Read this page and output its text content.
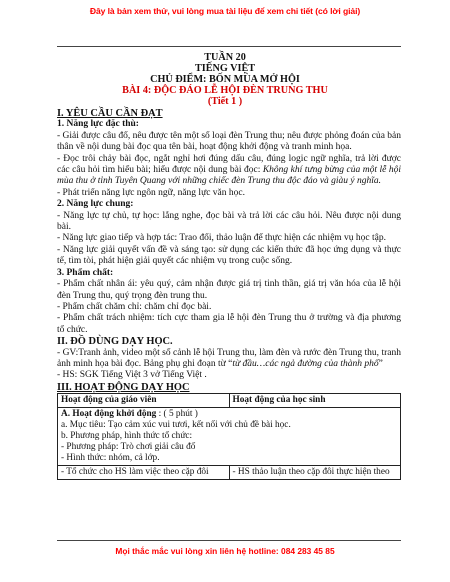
Đây là bản xem thử, vui lòng mua tài liệu để xem chi tiết (có lời giải)
TUẦN 20
TIẾNG VIỆT
CHỦ ĐIỂM: BỐN MÙA MỞ HỘI
BÀI 4: ĐỘC ĐÁO LỄ HỘI ĐÈN TRUNG THU
(Tiết 1 )

I. YÊU CẦU CẦN ĐẠT

1. Năng lực đặc thù:

- Giải được câu đố, nêu được tên một số loại đèn Trung thu; nêu được phỏng đoán của bản thân về nội dung bài đọc qua tên bài, hoạt động khởi động và tranh minh họa.

- Đọc trôi chảy bài đọc, ngắt nghỉ hơi đúng dấu câu, đúng logic ngữ nghĩa, trả lời được các câu hỏi tìm hiểu bài; hiểu được nội dung bài đọc: Không khí tưng bừng của một lễ hội mùa thu ở tỉnh Tuyên Quang với những chiếc đèn Trung thu độc đáo và giàu ý nghĩa.

- Phát triển năng lực ngôn ngữ, năng lực văn học.

2. Năng lực chung:

- Năng lực tự chủ, tự học: lắng nghe, đọc bài và trả lời các câu hỏi. Nêu được nội dung bài.

- Năng lực giao tiếp và hợp tác: Trao đổi, thảo luận để thực hiện các nhiệm vụ học tập.

- Năng lực giải quyết vấn đề và sáng tạo: sử dụng các kiến thức đã học ứng dụng và thực tế, tìm tòi, phát hiện giải quyết các nhiệm vụ trong cuộc sống.

3. Phẩm chất:

- Phẩm chất nhân ái: yêu quý, cảm nhận được giá trị tinh thần, giá trị văn hóa của lễ hội đèn Trung thu, quý trọng đèn trung thu.

- Phẩm chất chăm chỉ: chăm chỉ đọc bài.

- Phẩm chất trách nhiệm: tích cực tham gia lễ hội đèn Trung thu ở trường và địa phương tổ chức.

II. ĐỒ DÙNG DẠY HỌC.

- GV:Tranh ảnh, video một số cảnh lễ hội Trung thu, làm đèn và rước đèn Trung thu, tranh ảnh minh họa bài đọc. Bảng phụ ghi đoạn từ “từ đầu…các ngả đường của thành phố”

- HS: SGK Tiếng Việt 3 vở Tiếng Việt .

III. HOẠT ĐỘNG DẠY HỌC

Hoạt động của giáo viên	Hoạt động của học sinh

A. Hoạt động khởi động : ( 5 phút )
a. Mục tiêu: Tạo cảm xúc vui tươi, kết nối với chủ đề bài học.
b. Phương pháp, hình thức tổ chức:
- Phương pháp: Trò chơi giải câu đố
- Hình thức: nhóm, cả lớp.	

- Tổ chức cho HS làm việc theo cặp đôi	- HS thảo luận theo cặp đôi thực hiện theo
Mọi thắc mắc vui lòng xin liên hệ hotline: 084 283 45 85
